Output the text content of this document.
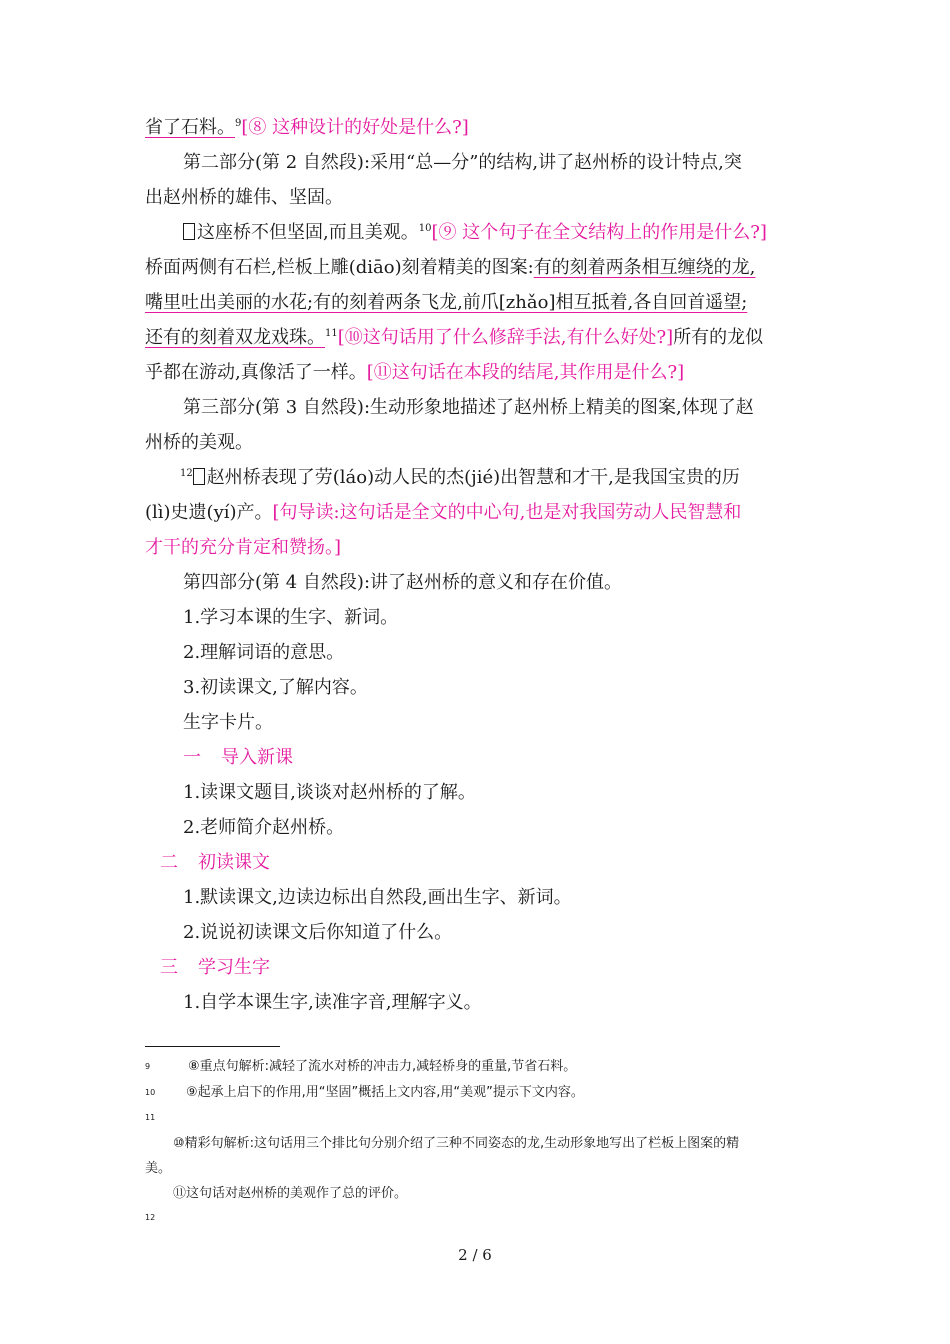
省了石料。$^9$[⑧ 这种设计的好处是什么?]
第二部分(第 2 自然段):采用“总—分”的结构,讲了赵州桥的设计特点,突
出赵州桥的雄伟、坚固。
这座桥不但坚固,而且美观。$^{10}$[⑨ 这个句子在全文结构上的作用是什么?]
桥面两侧有石栏,栏板上雕(diāo)刻着精美的图案:有的刻着两条相互缠绕的龙,
嘴里吐出美丽的水花;有的刻着两条飞龙,前爪[zhǎo]相互抵着,各自回首遥望;
还有的刻着双龙戏珠。$^{11}$[⑩这句话用了什么修辞手法,有什么好处?]所有的龙似
乎都在游动,真像活了一样。[⑪这句话在本段的结尾,其作用是什么?]
第三部分(第 3 自然段):生动形象地描述了赵州桥上精美的图案,体现了赵
州桥的美观。
$^{12}$ 赵州桥表现了劳(láo)动人民的杰(jié)出智慧和才干,是我国宝贵的历
(lì)史遗(yí)产。[句导读:这句话是全文的中心句,也是对我国劳动人民智慧和
才干的充分肯定和赞扬。]
第四部分(第 4 自然段):讲了赵州桥的意义和存在价值。
1.学习本课的生字、新词。
2.理解词语的意思。
3.初读课文,了解内容。
生字卡片。
一 导入新课
1.读课文题目,谈谈对赵州桥的了解。
2.老师简介赵州桥。
二 初读课文
1.默读课文,边读边标出自然段,画出生字、新词。
2.说说初读课文后你知道了什么。
三 学习生字
1.自学本课生字,读准字音,理解字义。
9	⑧重点句解析:减轻了流水对桥的冲击力,减轻桥身的重量,节省石料。
10 ⑨起承上启下的作用,用“坚固”概括上文内容,用“美观”提示下文内容。
11
⑩精彩句解析:这句话用三个排比句分别介绍了三种不同姿态的龙,生动形象地写出了栏板上图案的精
美。
⑪这句话对赵州桥的美观作了总的评价。
12
2 / 6
